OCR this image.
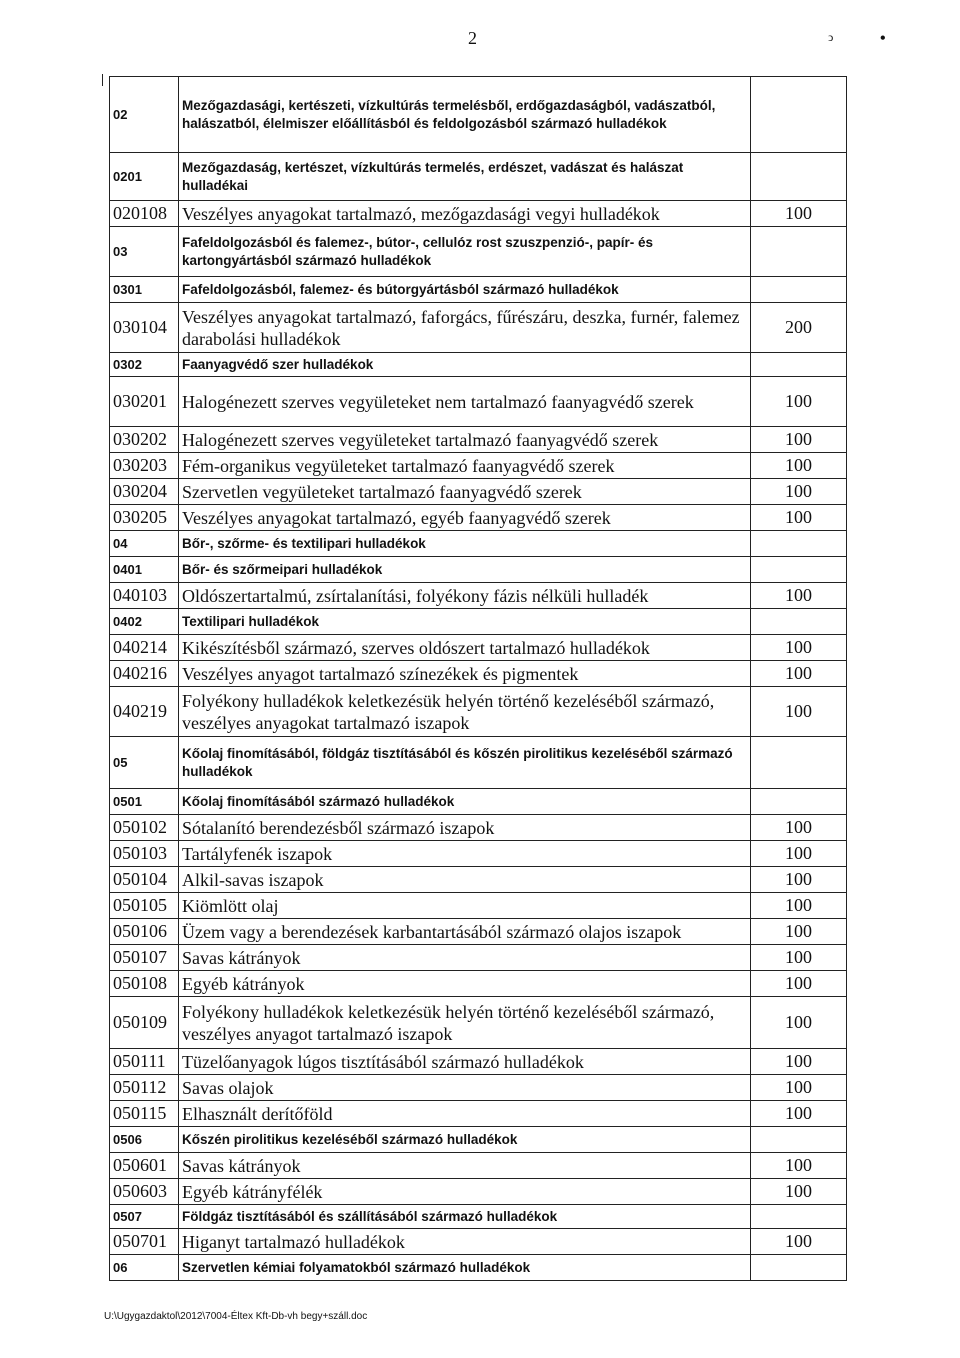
2	ↄ	•
02	Mezőgazdasági, kertészeti, vízkultúrás termelésből, erdőgazdaságból, vadászatból, halászatból, élelmiszer előállításból és feldolgozásból származó hulladékok	
0201	Mezőgazdaság, kertészet, vízkultúrás termelés, erdészet, vadászat és halászat hulladékai	
020108	Veszélyes anyagokat tartalmazó, mezőgazdasági vegyi hulladékok	100
03	Fafeldolgozásból és falemez-, bútor-, cellulóz rost szuszpenzió-, papír- és kartongyártásból származó hulladékok	
0301	Fafeldolgozásból, falemez- és bútorgyártásból származó hulladékok	
030104	Veszélyes anyagokat tartalmazó, faforgács, fűrészáru, deszka, furnér, falemez darabolási hulladékok	200
0302	Faanyagvédő szer hulladékok	
030201	Halogénezett szerves vegyületeket nem tartalmazó faanyagvédő szerek	100
030202	Halogénezett szerves vegyületeket tartalmazó faanyagvédő szerek	100
030203	Fém-organikus vegyületeket tartalmazó faanyagvédő szerek	100
030204	Szervetlen vegyületeket tartalmazó faanyagvédő szerek	100
030205	Veszélyes anyagokat tartalmazó, egyéb faanyagvédő szerek	100
04	Bőr-, szőrme- és textilipari hulladékok	
0401	Bőr- és szőrmeipari hulladékok	
040103	Oldószertartalmú, zsírtalanítási, folyékony fázis nélküli hulladék	100
0402	Textilipari hulladékok	
040214	Kikészítésből származó, szerves oldószert tartalmazó hulladékok	100
040216	Veszélyes anyagot tartalmazó színezékek és pigmentek	100
040219	Folyékony hulladékok keletkezésük helyén történő kezeléséből származó, veszélyes anyagokat tartalmazó iszapok	100
05	Kőolaj finomításából, földgáz tisztításából és kőszén pirolitikus kezeléséből származó hulladékok	
0501	Kőolaj finomításából származó hulladékok	
050102	Sótalanító berendezésből származó iszapok	100
050103	Tartályfenék iszapok	100
050104	Alkil-savas iszapok	100
050105	Kiömlött olaj	100
050106	Üzem vagy a berendezések karbantartásából származó olajos iszapok	100
050107	Savas kátrányok	100
050108	Egyéb kátrányok	100
050109	Folyékony hulladékok keletkezésük helyén történő kezeléséből származó, veszélyes anyagot tartalmazó iszapok	100
050111	Tüzelőanyagok lúgos tisztításából származó hulladékok	100
050112	Savas olajok	100
050115	Elhasznált derítőföld	100
0506	Kőszén pirolitikus kezeléséből származó hulladékok	
050601	Savas kátrányok	100
050603	Egyéb kátrányfélék	100
0507	Földgáz tisztításából és szállításából származó hulladékok	
050701	Higanyt tartalmazó hulladékok	100
06	Szervetlen kémiai folyamatokból származó hulladékok	
U:\Ugygazdaktol\2012\7004-Éltex Kft-Db-vh begy+száll.doc
